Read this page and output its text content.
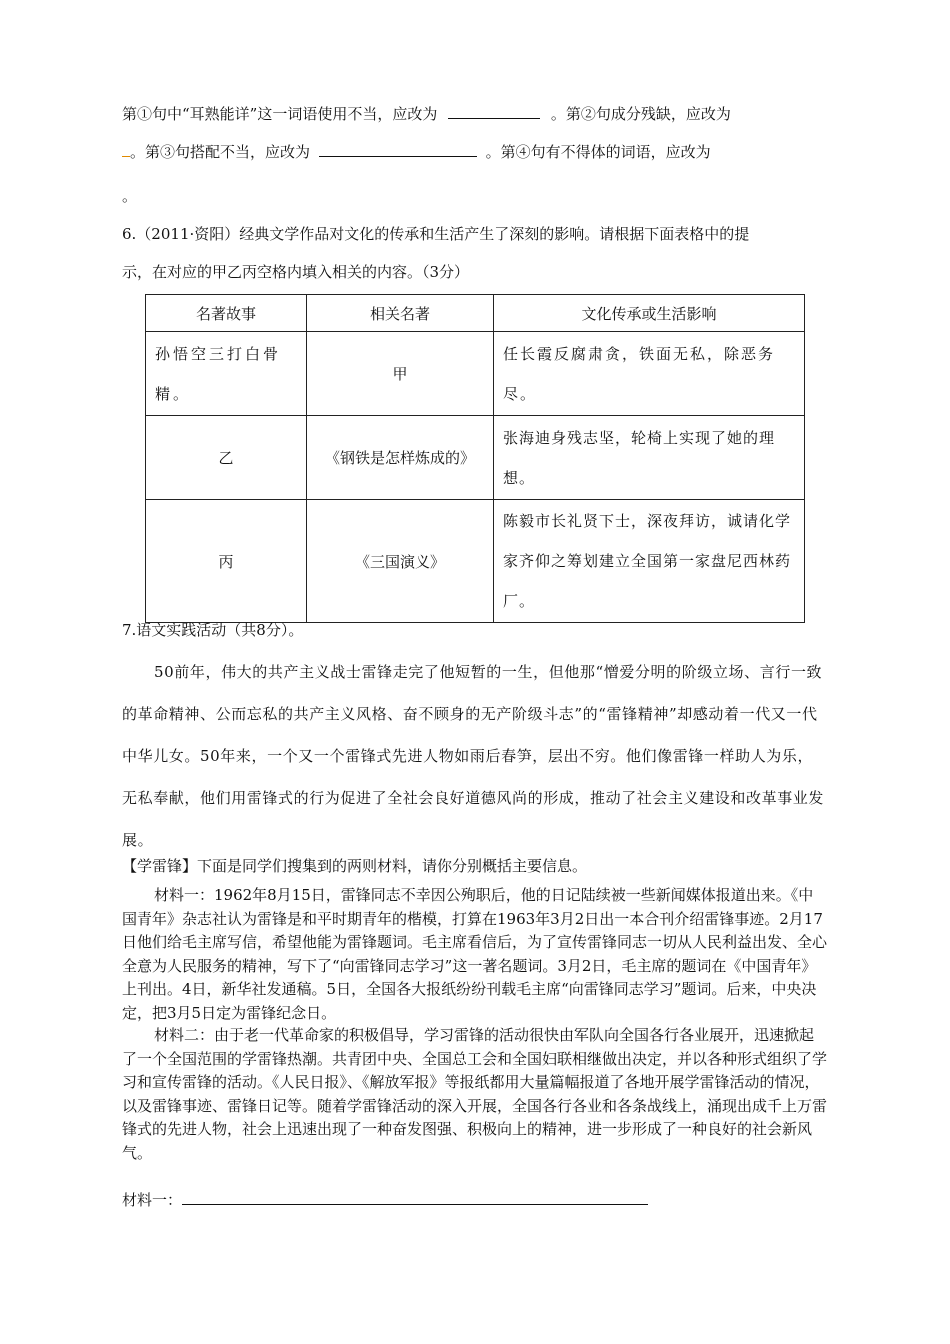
第①句中“耳熟能详”这一词语使用不当，应改为	。第②句成分残缺，应改为
。第③句搭配不当，应改为	。第④句有不得体的词语，应改为
。
6.（2011·资阳）经典文学作品对文化的传承和生活产生了深刻的影响。请根据下面表格中的提
示，在对应的甲乙丙空格内填入相关的内容。（3分）
名著故事	相关名著	文化传承或生活影响

孙悟空三打白骨精。	甲	任长霞反腐肃贪，铁面无私，除恶务尽。

乙	《钢铁是怎样炼成的》	张海迪身残志坚，轮椅上实现了她的理想。

丙	《三国演义》	陈毅市长礼贤下士，深夜拜访，诚请化学家齐仰之筹划建立全国第一家盘尼西林药厂。
7.语文实践活动（共8分）。
50前年，伟大的共产主义战士雷锋走完了他短暂的一生，但他那“憎爱分明的阶级立场、言行一致的革命精神、公而忘私的共产主义风格、奋不顾身的无产阶级斗志”的“雷锋精神”却感动着一代又一代中华儿女。50年来，一个又一个雷锋式先进人物如雨后春笋，层出不穷。他们像雷锋一样助人为乐，无私奉献，他们用雷锋式的行为促进了全社会良好道德风尚的形成，推动了社会主义建设和改革事业发展。
【学雷锋】下面是同学们搜集到的两则材料，请你分别概括主要信息。
材料一：1962年8月15日，雷锋同志不幸因公殉职后，他的日记陆续被一些新闻媒体报道出来。《中国青年》杂志社认为雷锋是和平时期青年的楷模，打算在1963年3月2日出一本合刊介绍雷锋事迹。2月17日他们给毛主席写信，希望他能为雷锋题词。毛主席看信后，为了宣传雷锋同志一切从人民利益出发、全心全意为人民服务的精神，写下了“向雷锋同志学习”这一著名题词。3月2日，毛主席的题词在《中国青年》上刊出。4日，新华社发通稿。5日，全国各大报纸纷纷刊载毛主席“向雷锋同志学习”题词。后来，中央决定，把3月5日定为雷锋纪念日。
材料二：由于老一代革命家的积极倡导，学习雷锋的活动很快由军队向全国各行各业展开，迅速掀起了一个全国范围的学雷锋热潮。共青团中央、全国总工会和全国妇联相继做出决定，并以各种形式组织了学习和宣传雷锋的活动。《人民日报》、《解放军报》等报纸都用大量篇幅报道了各地开展学雷锋活动的情况，以及雷锋事迹、雷锋日记等。随着学雷锋活动的深入开展，全国各行各业和各条战线上，涌现出成千上万雷锋式的先进人物，社会上迅速出现了一种奋发图强、积极向上的精神，进一步形成了一种良好的社会新风气。
材料一：
